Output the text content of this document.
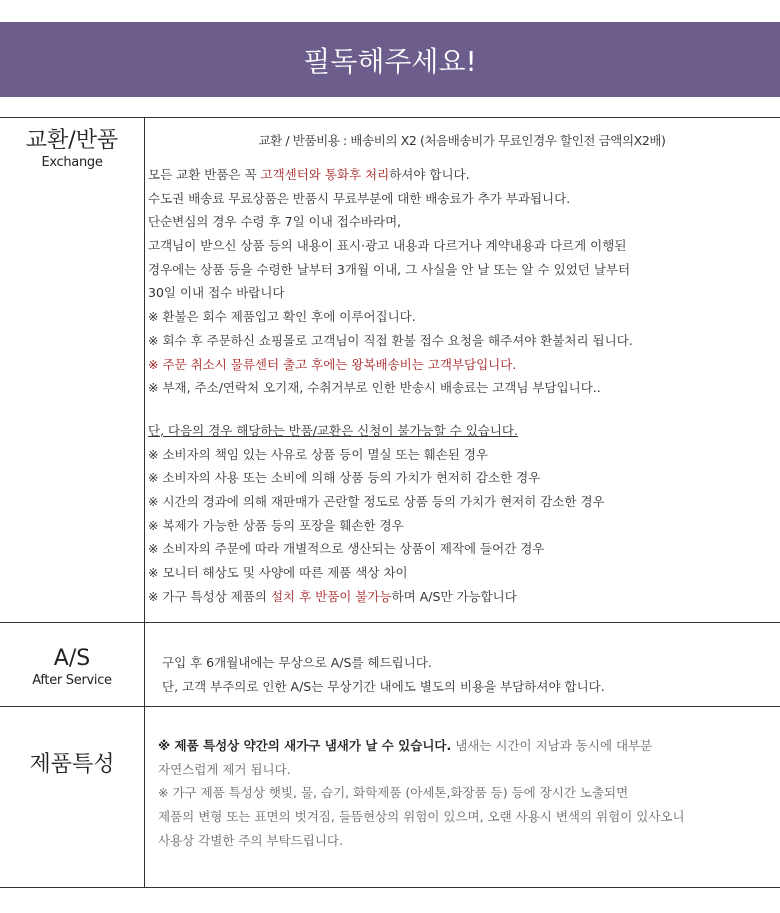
필독해주세요!
교환/반품
Exchange
교환 / 반품비용 : 배송비의 X2 (처음배송비가 무료인경우 할인전 금액의X2배)
모든 교환 반품은 꼭 고객센터와 통화후 처리하셔야 합니다.
수도권 배송료 무료상품은 반품시 무료부분에 대한 배송료가 추가 부과됩니다.
단순변심의 경우 수령 후 7일 이내 접수바라며,
고객님이 받으신 상품 등의 내용이 표시·광고 내용과 다르거나 계약내용과 다르게 이행된
경우에는 상품 등을 수령한 날부터 3개월 이내, 그 사실을 안 날 또는 알 수 있었던 날부터
30일 이내 접수 바랍니다
※ 환불은 회수 제품입고 확인 후에 이루어집니다.
※ 회수 후 주문하신 쇼핑몰로 고객님이 직접 환불 접수 요청을 해주셔야 환불처리 됩니다.
※ 주문 취소시 물류센터 출고 후에는 왕복배송비는 고객부담입니다.
※ 부재, 주소/연락처 오기재, 수취거부로 인한 반송시 배송료는 고객님 부담입니다..
단, 다음의 경우 해당하는 반품/교환은 신청이 불가능할 수 있습니다.
※ 소비자의 책임 있는 사유로 상품 등이 멸실 또는 훼손된 경우
※ 소비자의 사용 또는 소비에 의해 상품 등의 가치가 현저히 감소한 경우
※ 시간의 경과에 의해 재판매가 곤란할 정도로 상품 등의 가치가 현저히 감소한 경우
※ 복제가 가능한 상품 등의 포장을 훼손한 경우
※ 소비자의 주문에 따라 개별적으로 생산되는 상품이 제작에 들어간 경우
※ 모니터 해상도 및 사양에 따른 제품 색상 차이
※ 가구 특성상 제품의 설치 후 반품이 불가능하며 A/S만 가능합니다
A/S
After Service
구입 후 6개월내에는 무상으로 A/S를 헤드립니다.
단, 고객 부주의로 인한 A/S는 무상기간 내에도 별도의 비용을 부담하셔야 합니다.
제품특성
※ 제품 특성상 약간의 새가구 냄새가 날 수 있습니다. 냄새는 시간이 지남과 동시에 대부분
자연스럽게 제거 됩니다.
※ 가구 제품 특성상 햇빛, 물, 습기, 화학제품 (아세톤,화장품 등) 등에 장시간 노출되면
제품의 변형 또는 표면의 벗겨짐, 들뜸현상의 위험이 있으며, 오랜 사용시 변색의 위험이 있사오니
사용상 각별한 주의 부탁드립니다.
